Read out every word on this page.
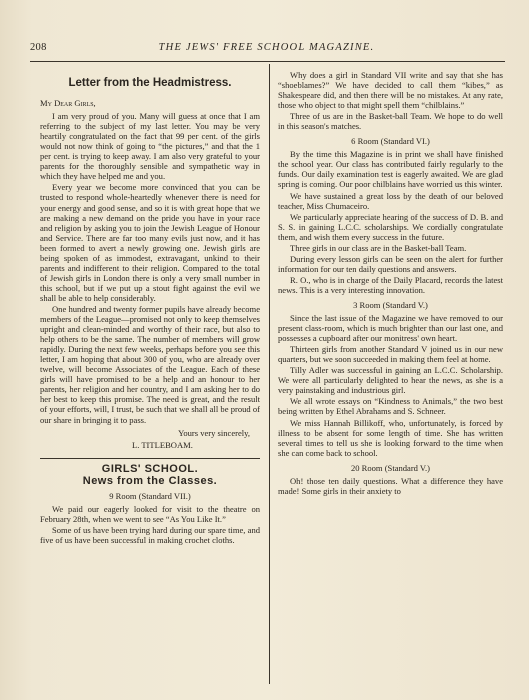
208	THE JEWS' FREE SCHOOL MAGAZINE.

Letter from the Headmistress.

My Dear Girls,

I am very proud of you. Many will guess at once that I am referring to the subject of my last letter. You may be very heartily congratulated on the fact that 99 per cent. of the girls would not now think of going to “the pictures,” and that the 1 per cent. is trying to keep away. I am also very grateful to your parents for the thoroughly sensible and sympathetic way in which they have helped me and you.

Every year we become more convinced that you can be trusted to respond whole-heartedly whenever there is need for your energy and good sense, and so it is with great hope that we are making a new demand on the pride you have in your race and religion by asking you to join the Jewish League of Honour and Service. There are far too many evils just now, and it has been formed to avert a newly growing one. Jewish girls are being spoken of as immodest, extravagant, unkind to their parents and indifferent to their religion. Compared to the total of Jewish girls in London there is only a very small number in this school, but if we put up a stout fight against the evil we shall be able to help considerably.

One hundred and twenty former pupils have already become members of the League—promised not only to keep themselves upright and clean-minded and worthy of their race, but also to help others to be the same. The number of members will grow rapidly. During the next few weeks, perhaps before you see this letter, I am hoping that about 300 of you, who are already over twelve, will become Associates of the League. Each of these girls will have promised to be a help and an honour to her parents, her religion and her country, and I am asking her to do her best to keep this promise. The need is great, and the result of your efforts, will, I trust, be such that we shall all be proud of our share in bringing it to pass.

Yours very sincerely,

L. TITLEBOAM.

GIRLS' SCHOOL.

News from the Classes.

9 Room (Standard VII.)

We paid our eagerly looked for visit to the theatre on February 28th, when we went to see “As You Like It.”

Some of us have been trying hard during our spare time, and five of us have been successful in making crochet cloths.

Why does a girl in Standard VII write and say that she has “shoeblames?” We have decided to call them “kibes,” as Shakespeare did, and then there will be no mistakes. At any rate, those who object to that might spell them “chilblains.”

Three of us are in the Basket-ball Team. We hope to do well in this season's matches.

6 Room (Standard VI.)

By the time this Magazine is in print we shall have finished the school year. Our class has contributed fairly regularly to the funds. Our daily examination test is eagerly awaited. We are glad spring is coming. Our poor chilblains have worried us this winter.

We have sustained a great loss by the death of our beloved teacher, Miss Chumaceiro.

We particularly appreciate hearing of the success of D. B. and S. S. in gaining L.C.C. scholarships. We cordially congratulate them, and wish them every success in the future.

Three girls in our class are in the Basket-ball Team.

During every lesson girls can be seen on the alert for further information for our ten daily questions and answers.

R. O., who is in charge of the Daily Placard, records the latest news. This is a very interesting innovation.

3 Room (Standard V.)

Since the last issue of the Magazine we have removed to our present class-room, which is much brighter than our last one, and possesses a cupboard after our monitress' own heart.

Thirteen girls from another Standard V joined us in our new quarters, but we soon succeeded in making them feel at home.

Tilly Adler was successful in gaining an L.C.C. Scholarship. We were all particularly delighted to hear the news, as she is a very painstaking and industrious girl.

We all wrote essays on “Kindness to Animals,” the two best being written by Ethel Abrahams and S. Schneer.

We miss Hannah Billikoff, who, unfortunately, is forced by illness to be absent for some length of time. She has written several times to tell us she is looking forward to the time when she can come back to school.

20 Room (Standard V.)

Oh! those ten daily questions. What a difference they have made! Some girls in their anxiety to
